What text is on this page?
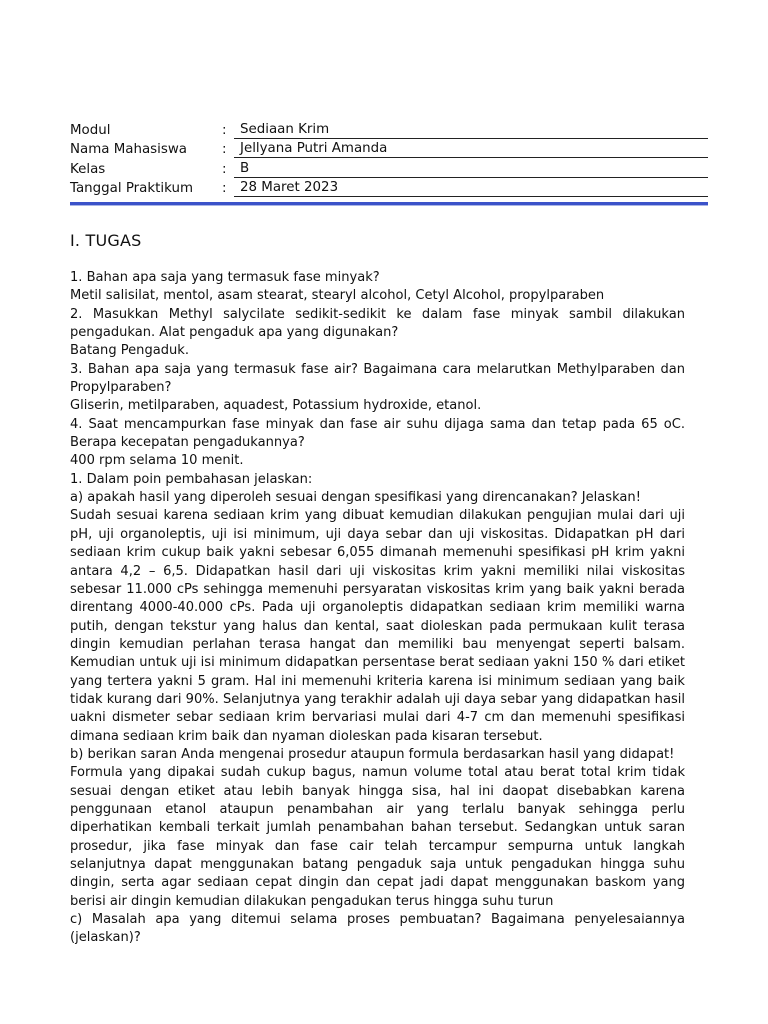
Modul	:	Sediaan Krim
Nama Mahasiswa	:	Jellyana Putri Amanda
Kelas	:	B
Tanggal Praktikum	:	28 Maret 2023
I. TUGAS

1. Bahan apa saja yang termasuk fase minyak?

Metil salisilat, mentol, asam stearat, stearyl alcohol, Cetyl Alcohol, propylparaben

2. Masukkan Methyl salycilate sedikit-sedikit ke dalam fase minyak sambil dilakukan pengadukan. Alat pengaduk apa yang digunakan?

Batang Pengaduk.

3. Bahan apa saja yang termasuk fase air? Bagaimana cara melarutkan Methylparaben dan Propylparaben?

Gliserin, metilparaben, aquadest, Potassium hydroxide, etanol.

4. Saat mencampurkan fase minyak dan fase air suhu dijaga sama dan tetap pada 65 oC. Berapa kecepatan pengadukannya?

400 rpm selama 10 menit.

1. Dalam poin pembahasan jelaskan:

a) apakah hasil yang diperoleh sesuai dengan spesifikasi yang direncanakan? Jelaskan!

Sudah sesuai karena sediaan krim yang dibuat kemudian dilakukan pengujian mulai dari uji pH, uji organoleptis, uji isi minimum, uji daya sebar dan uji viskositas. Didapatkan pH dari sediaan krim cukup baik yakni sebesar 6,055 dimanah memenuhi spesifikasi pH krim yakni antara 4,2 – 6,5. Didapatkan hasil dari uji viskositas krim yakni memiliki nilai viskositas sebesar 11.000 cPs sehingga memenuhi persyaratan viskositas krim yang baik yakni berada direntang 4000-40.000 cPs. Pada uji organoleptis didapatkan sediaan krim memiliki warna putih, dengan tekstur yang halus dan kental, saat dioleskan pada permukaan kulit terasa dingin kemudian perlahan terasa hangat dan memiliki bau menyengat seperti balsam. Kemudian untuk uji isi minimum didapatkan persentase berat sediaan yakni 150 % dari etiket yang tertera yakni 5 gram. Hal ini memenuhi kriteria karena isi minimum sediaan yang baik tidak kurang dari 90%. Selanjutnya yang terakhir adalah uji daya sebar yang didapatkan hasil uakni dismeter sebar sediaan krim bervariasi mulai dari 4-7 cm dan memenuhi spesifikasi dimana sediaan krim baik dan nyaman dioleskan pada kisaran tersebut.

b) berikan saran Anda mengenai prosedur ataupun formula berdasarkan hasil yang didapat!

Formula yang dipakai sudah cukup bagus, namun volume total atau berat total krim tidak sesuai dengan etiket atau lebih banyak hingga sisa, hal ini daopat disebabkan karena penggunaan etanol ataupun penambahan air yang terlalu banyak sehingga perlu diperhatikan kembali terkait jumlah penambahan bahan tersebut. Sedangkan untuk saran prosedur, jika fase minyak dan fase cair telah tercampur sempurna untuk langkah selanjutnya dapat menggunakan batang pengaduk saja untuk pengadukan hingga suhu dingin, serta agar sediaan cepat dingin dan cepat jadi dapat menggunakan baskom yang berisi air dingin kemudian dilakukan pengadukan terus hingga suhu turun

c) Masalah apa yang ditemui selama proses pembuatan? Bagaimana penyelesaiannya (jelaskan)?
